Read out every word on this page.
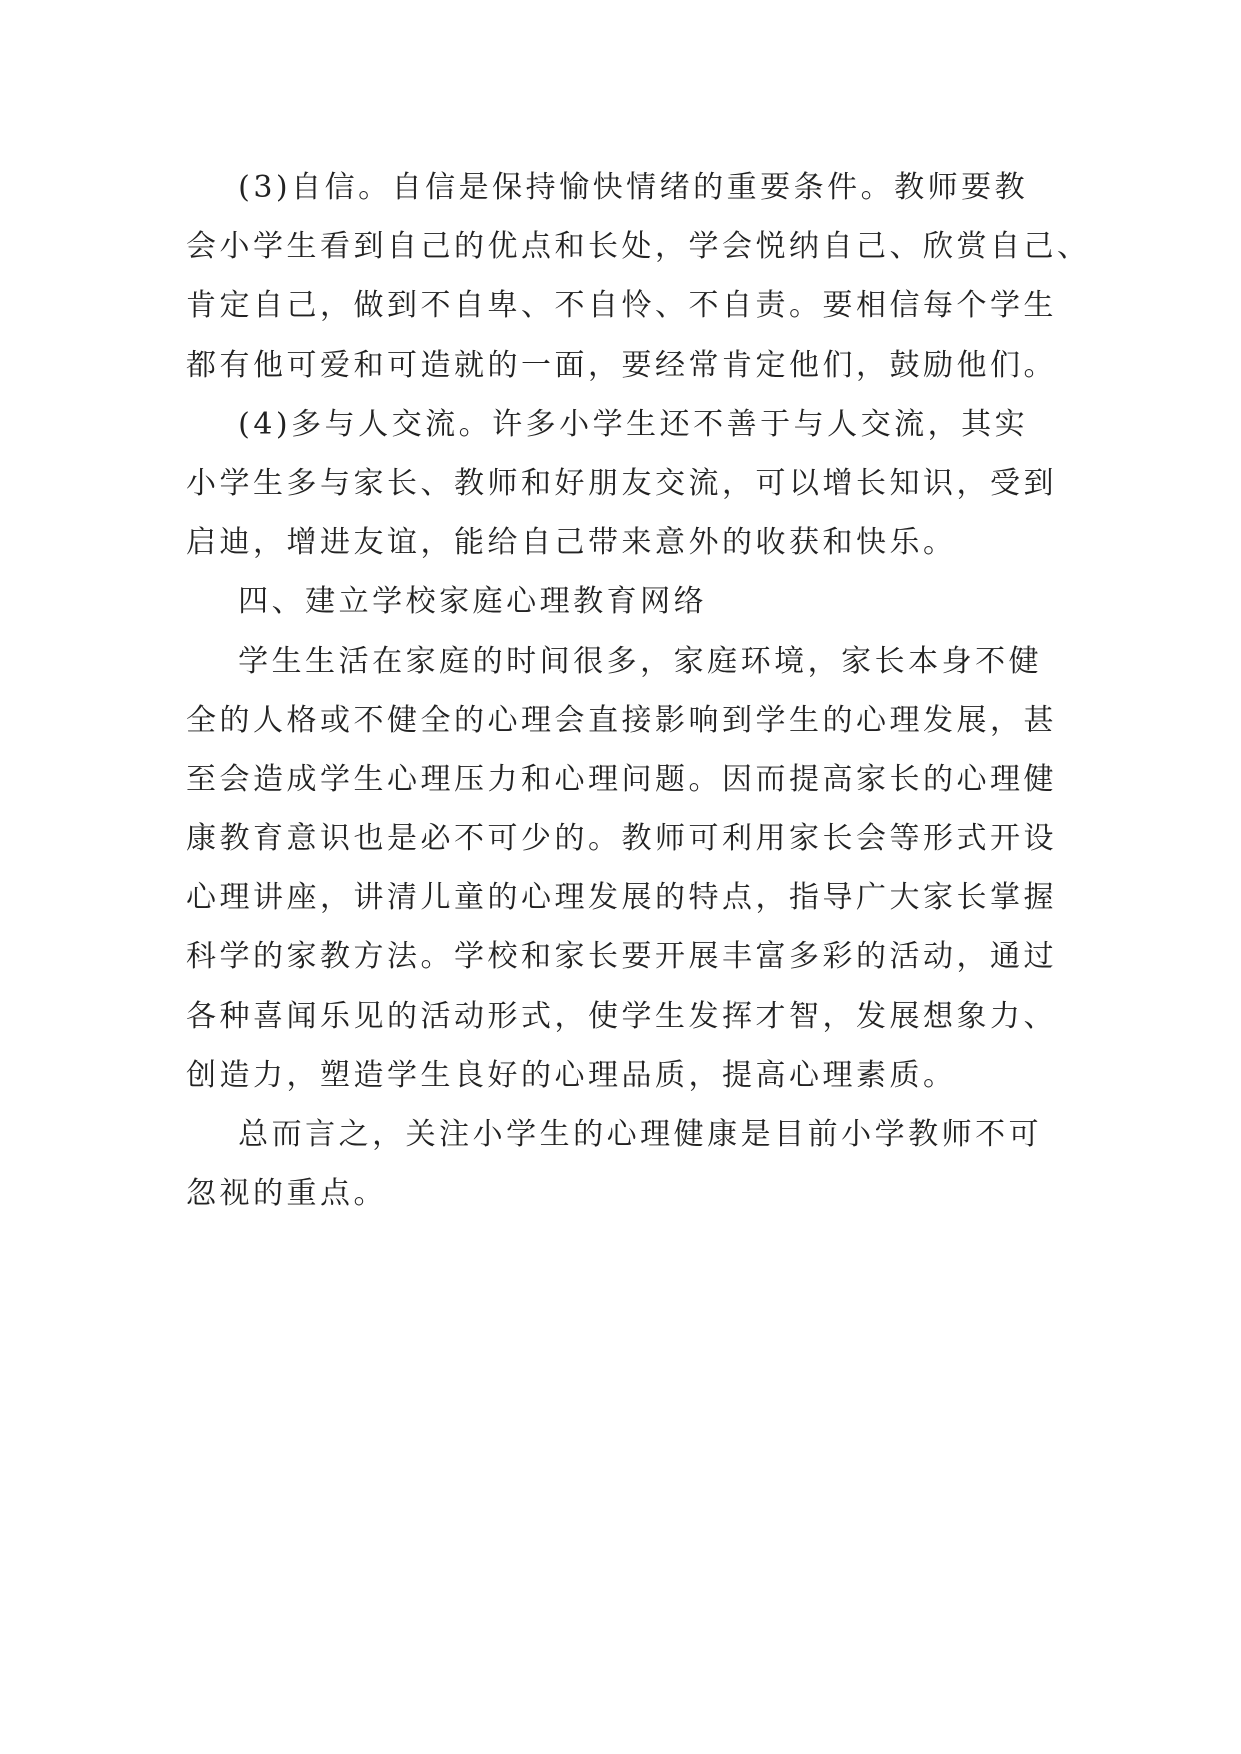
(3)自信。自信是保持愉快情绪的重要条件。教师要教
会小学生看到自己的优点和长处，学会悦纳自己、欣赏自己、
肯定自己，做到不自卑、不自怜、不自责。要相信每个学生
都有他可爱和可造就的一面，要经常肯定他们，鼓励他们。
(4)多与人交流。许多小学生还不善于与人交流，其实
小学生多与家长、教师和好朋友交流，可以增长知识，受到
启迪，增进友谊，能给自己带来意外的收获和快乐。
四、建立学校家庭心理教育网络
学生生活在家庭的时间很多，家庭环境，家长本身不健
全的人格或不健全的心理会直接影响到学生的心理发展，甚
至会造成学生心理压力和心理问题。因而提高家长的心理健
康教育意识也是必不可少的。教师可利用家长会等形式开设
心理讲座，讲清儿童的心理发展的特点，指导广大家长掌握
科学的家教方法。学校和家长要开展丰富多彩的活动，通过
各种喜闻乐见的活动形式，使学生发挥才智，发展想象力、
创造力，塑造学生良好的心理品质，提高心理素质。
总而言之，关注小学生的心理健康是目前小学教师不可
忽视的重点。
